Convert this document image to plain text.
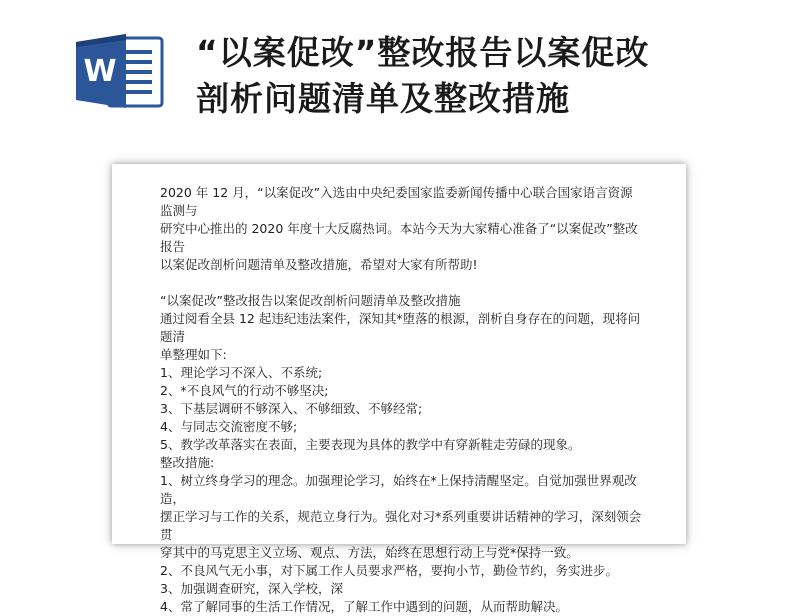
W “以案促改”整改报告以案促改
剖析问题清单及整改措施

2020 年 12 月，“以案促改”入选由中央纪委国家监委新闻传播中心联合国家语言资源监测与

研究中心推出的 2020 年度十大反腐热词。本站今天为大家精心准备了“以案促改”整改报告

以案促改剖析问题清单及整改措施，希望对大家有所帮助!

“以案促改”整改报告以案促改剖析问题清单及整改措施

通过阅看全县 12 起违纪违法案件，深知其*堕落的根源，剖析自身存在的问题，现将问题清

单整理如下:

1、理论学习不深入、不系统;

2、*不良风气的行动不够坚决;

3、下基层调研不够深入、不够细致、不够经常;

4、与同志交流密度不够;

5、教学改革落实在表面，主要表现为具体的教学中有穿新鞋走劳碌的现象。

整改措施:

1、树立终身学习的理念。加强理论学习，始终在*上保持清醒坚定。自觉加强世界观改造，

摆正学习与工作的关系，规范立身行为。强化对习*系列重要讲话精神的学习，深刻领会贯

穿其中的马克思主义立场、观点、方法，始终在思想行动上与党*保持一致。

2、不良风气无小事，对下属工作人员要求严格，要拘小节，勤俭节约，务实进步。

3、加强调查研究，深入学校，深

4、常了解同事的生活工作情况，了解工作中遇到的问题，从而帮助解决。
